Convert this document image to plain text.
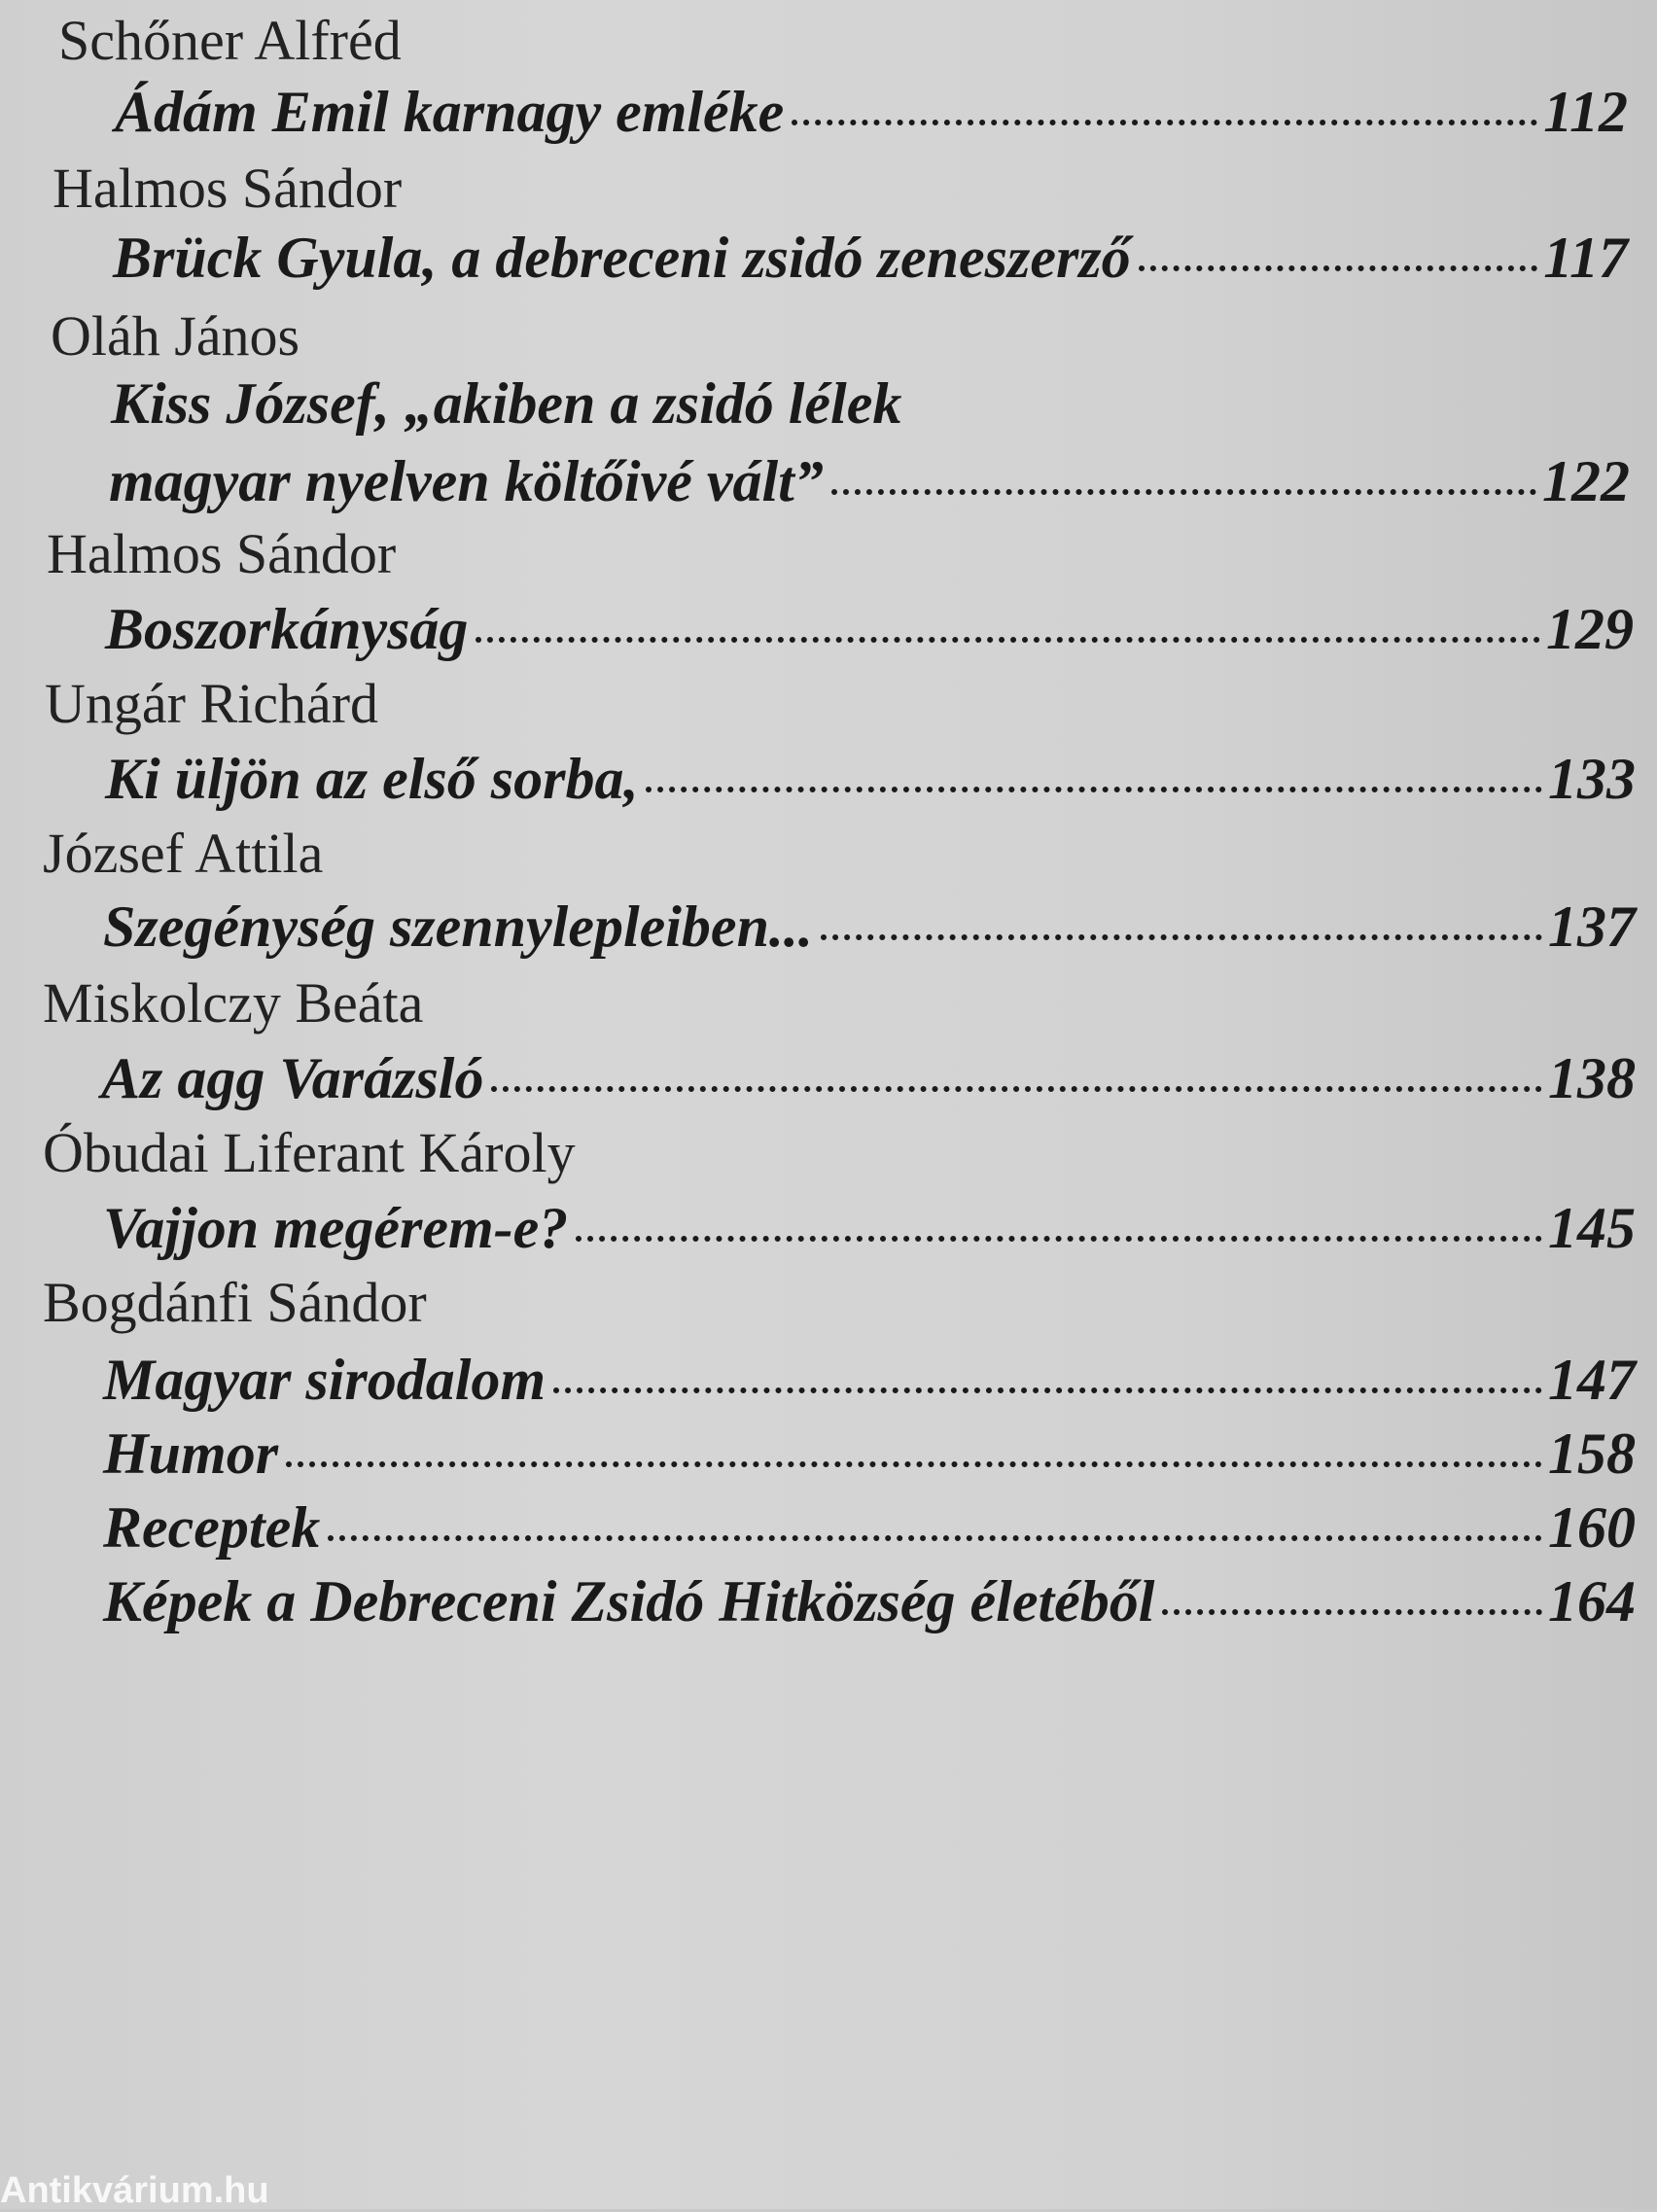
Schőner Alfréd
Ádám Emil karnagy emléke	112
Halmos Sándor
Brück Gyula, a debreceni zsidó zeneszerző	117
Oláh János
Kiss József, „akiben a zsidó lélek
magyar nyelven költőivé vált”	122
Halmos Sándor
Boszorkányság	129
Ungár Richárd
Ki üljön az első sorba,	133
József Attila
Szegénység szennylepleiben...	137
Miskolczy Beáta
Az agg Varázsló	138
Óbudai Liferant Károly
Vajjon megérem-e?	145
Bogdánfi Sándor
Magyar sirodalom	147
Humor	158
Receptek	160
Képek a Debreceni Zsidó Hitközség életéből	164
Antikvárium.hu
